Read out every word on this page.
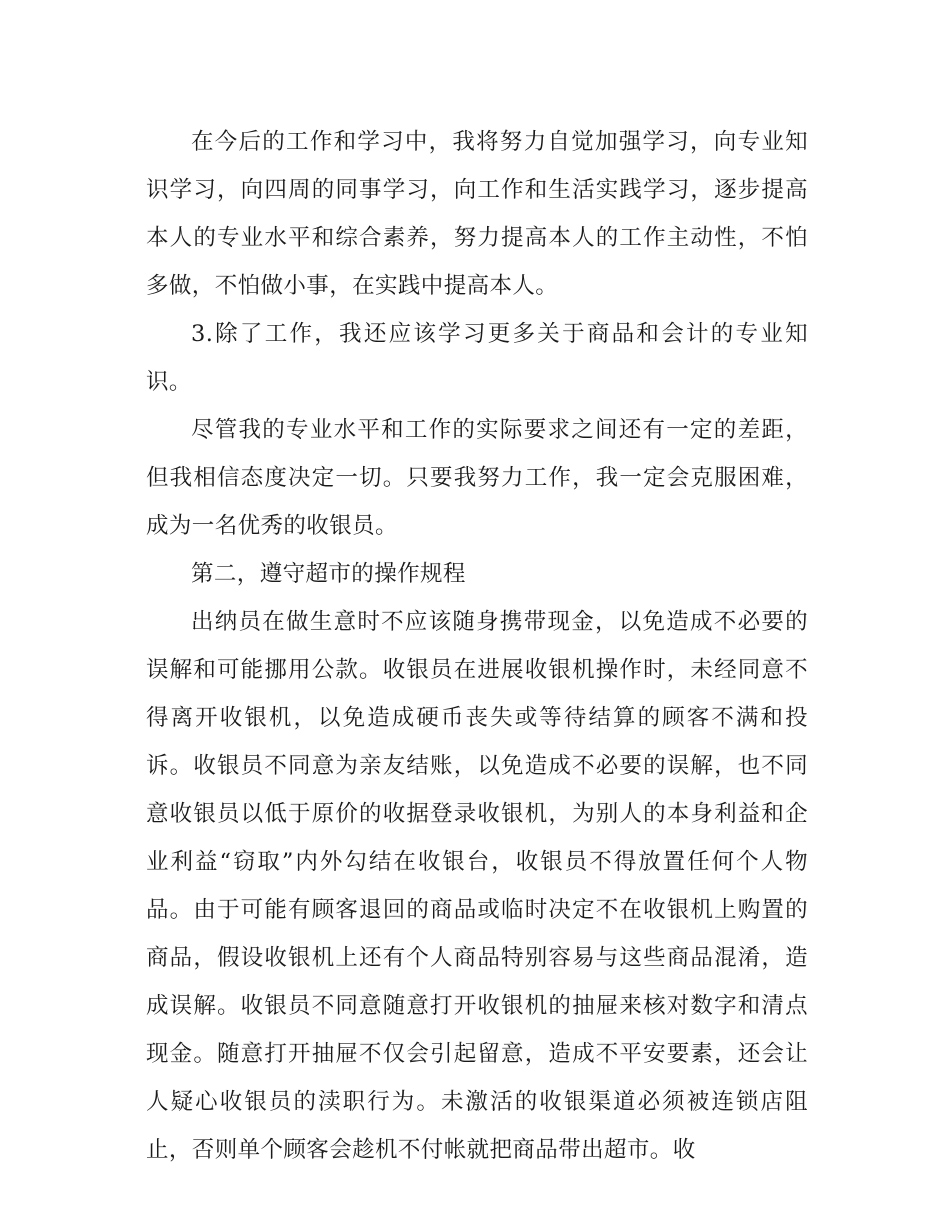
在今后的工作和学习中，我将努力自觉加强学习，向专业知识学习，向四周的同事学习，向工作和生活实践学习，逐步提高本人的专业水平和综合素养，努力提高本人的工作主动性，不怕多做，不怕做小事，在实践中提高本人。

3.除了工作，我还应该学习更多关于商品和会计的专业知识。

尽管我的专业水平和工作的实际要求之间还有一定的差距，但我相信态度决定一切。只要我努力工作，我一定会克服困难，成为一名优秀的收银员。

第二，遵守超市的操作规程

出纳员在做生意时不应该随身携带现金，以免造成不必要的误解和可能挪用公款。收银员在进展收银机操作时，未经同意不得离开收银机，以免造成硬币丧失或等待结算的顾客不满和投诉。收银员不同意为亲友结账，以免造成不必要的误解，也不同意收银员以低于原价的收据登录收银机，为别人的本身利益和企业利益“窃取”内外勾结在收银台，收银员不得放置任何个人物品。由于可能有顾客退回的商品或临时决定不在收银机上购置的商品，假设收银机上还有个人商品特别容易与这些商品混淆，造成误解。收银员不同意随意打开收银机的抽屉来核对数字和清点现金。随意打开抽屉不仅会引起留意，造成不平安要素，还会让人疑心收银员的渎职行为。未激活的收银渠道必须被连锁店阻止，否则单个顾客会趁机不付帐就把商品带出超市。收
